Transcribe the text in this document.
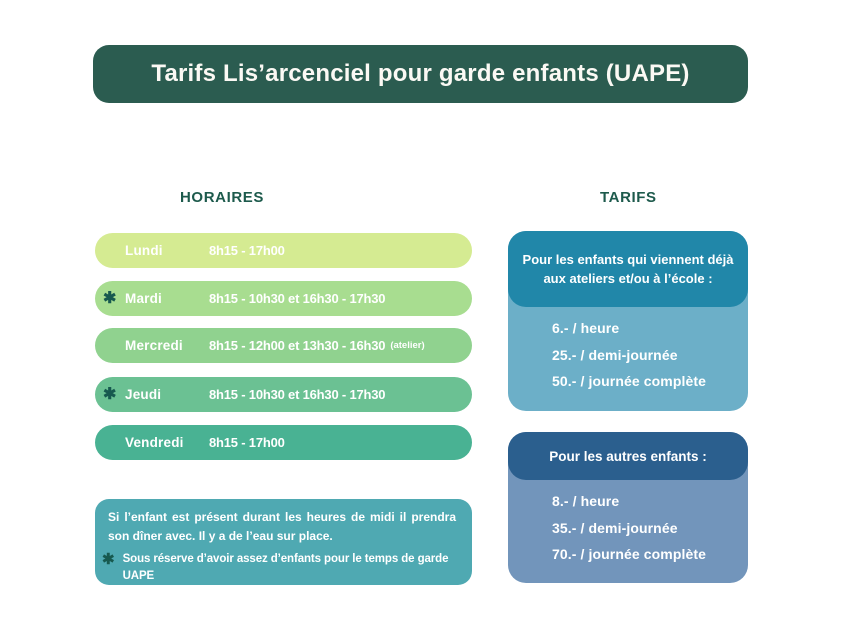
Tarifs Lis’arcenciel pour garde enfants (UAPE)
HORAIRES	TARIFS
Lundi	8h15 - 17h00
✱ Mardi	8h15 - 10h30 et 16h30 - 17h30
Mercredi 8h15 - 12h00 et 13h30 - 16h30 (atelier)
✱ Jeudi	8h15 - 10h30 et 16h30 - 17h30
Vendredi 8h15 - 17h00
Si l’enfant est présent durant les heures de midi il prendra son dîner avec. Il y a de l’eau sur place.
✱ Sous réserve d’avoir assez d’enfants pour le temps de garde UAPE
Pour les enfants qui viennent déjà aux ateliers et/ou à l’école :
6.- / heure
25.- / demi-journée
50.- / journée complète
Pour les autres enfants :
8.- / heure
35.- / demi-journée
70.- / journée complète
